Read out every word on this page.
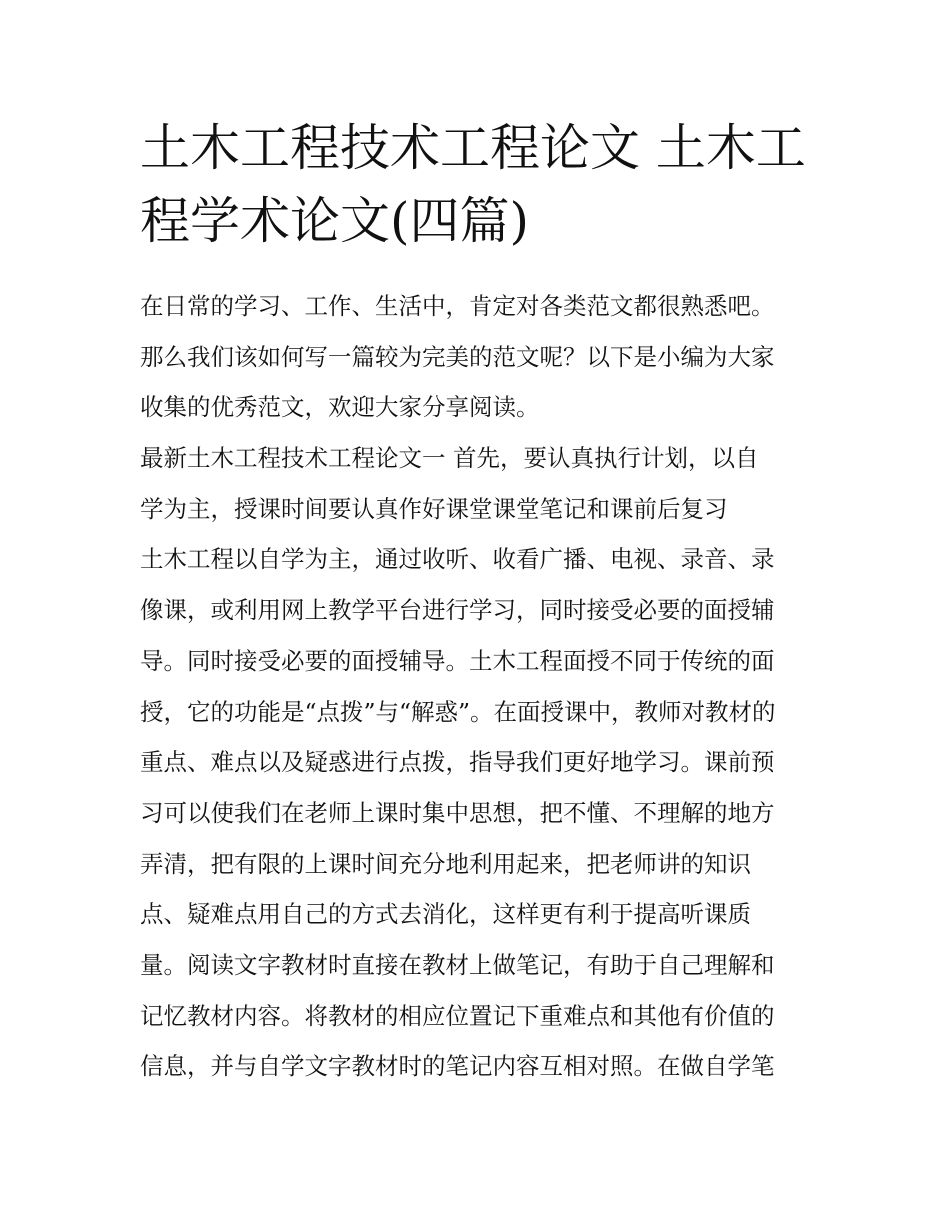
土木工程技术工程论文 土木工
程学术论文(四篇)
在日常的学习、工作、生活中，肯定对各类范文都很熟悉吧。
那么我们该如何写一篇较为完美的范文呢？以下是小编为大家
收集的优秀范文，欢迎大家分享阅读。
最新土木工程技术工程论文一 首先，要认真执行计划，以自
学为主，授课时间要认真作好课堂课堂笔记和课前后复习
土木工程以自学为主，通过收听、收看广播、电视、录音、录
像课，或利用网上教学平台进行学习，同时接受必要的面授辅
导。同时接受必要的面授辅导。土木工程面授不同于传统的面
授，它的功能是“点拨”与“解惑”。在面授课中，教师对教材的
重点、难点以及疑惑进行点拨，指导我们更好地学习。课前预
习可以使我们在老师上课时集中思想，把不懂、不理解的地方
弄清，把有限的上课时间充分地利用起来，把老师讲的知识
点、疑难点用自己的方式去消化，这样更有利于提高听课质
量。阅读文字教材时直接在教材上做笔记，有助于自己理解和
记忆教材内容。将教材的相应位置记下重难点和其他有价值的
信息，并与自学文字教材时的笔记内容互相对照。在做自学笔
